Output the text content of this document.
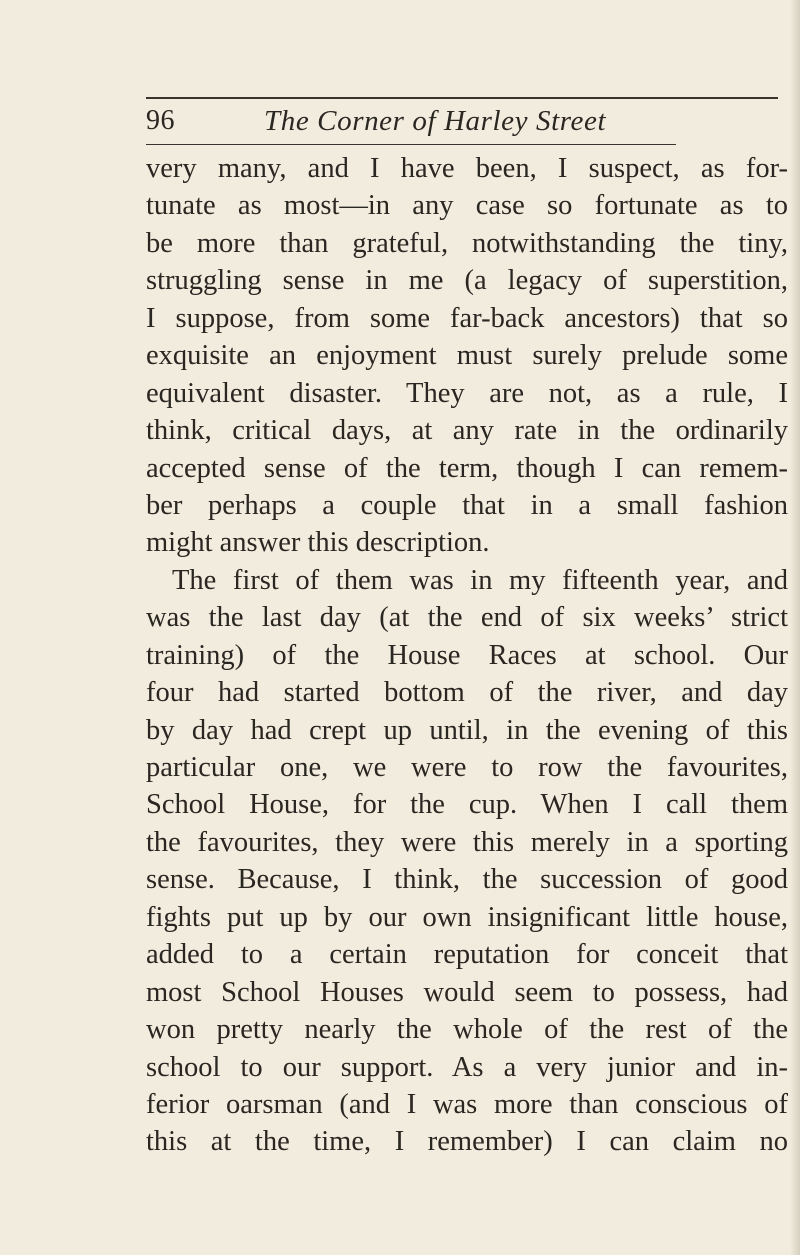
96	The Corner of Harley Street
very many, and I have been, I suspect, as for-
tunate as most—in any case so fortunate as to
be more than grateful, notwithstanding the tiny,
struggling sense in me (a legacy of superstition,
I suppose, from some far-back ancestors) that so
exquisite an enjoyment must surely prelude some
equivalent disaster. They are not, as a rule, I
think, critical days, at any rate in the ordinarily
accepted sense of the term, though I can remem-
ber perhaps a couple that in a small fashion
might answer this description.
The first of them was in my fifteenth year, and
was the last day (at the end of six weeks’ strict
training) of the House Races at school. Our
four had started bottom of the river, and day
by day had crept up until, in the evening of this
particular one, we were to row the favourites,
School House, for the cup. When I call them
the favourites, they were this merely in a sporting
sense. Because, I think, the succession of good
fights put up by our own insignificant little house,
added to a certain reputation for conceit that
most School Houses would seem to possess, had
won pretty nearly the whole of the rest of the
school to our support. As a very junior and in-
ferior oarsman (and I was more than conscious of
this at the time, I remember) I can claim no
